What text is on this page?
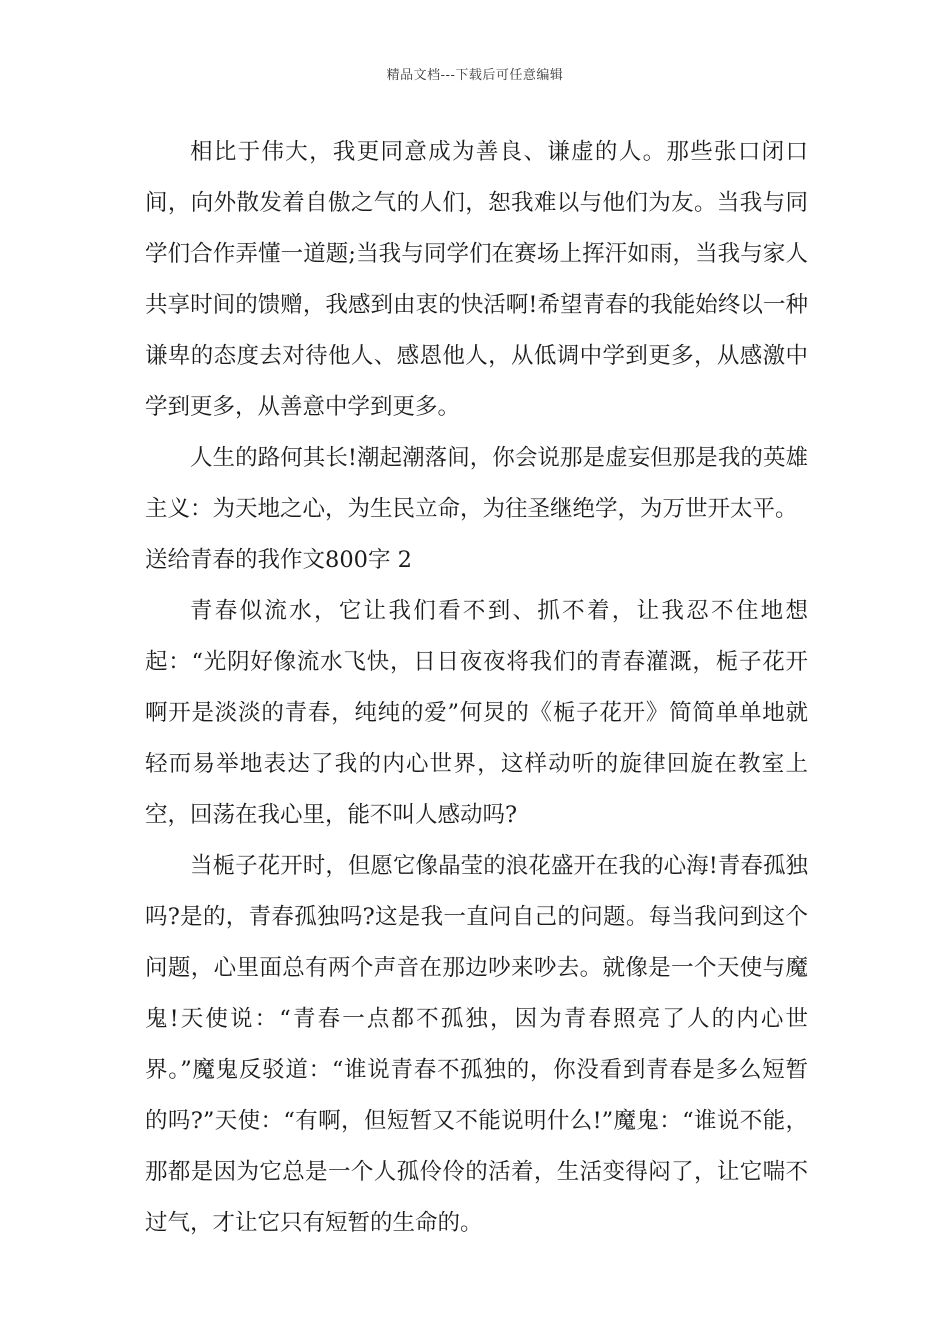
精品文档---下载后可任意编辑

相比于伟大，我更同意成为善良、谦虚的人。那些张口闭口间，向外散发着自傲之气的人们，恕我难以与他们为友。当我与同学们合作弄懂一道题;当我与同学们在赛场上挥汗如雨，当我与家人共享时间的馈赠，我感到由衷的快活啊!希望青春的我能始终以一种谦卑的态度去对待他人、感恩他人，从低调中学到更多，从感激中学到更多，从善意中学到更多。

人生的路何其长!潮起潮落间，你会说那是虚妄但那是我的英雄主义：为天地之心，为生民立命，为往圣继绝学，为万世开太平。

送给青春的我作文800字 2

青春似流水，它让我们看不到、抓不着，让我忍不住地想起：“光阴好像流水飞快，日日夜夜将我们的青春灌溉，栀子花开啊开是淡淡的青春，纯纯的爱”何炅的《栀子花开》简简单单地就轻而易举地表达了我的内心世界，这样动听的旋律回旋在教室上空，回荡在我心里，能不叫人感动吗?

当栀子花开时，但愿它像晶莹的浪花盛开在我的心海!青春孤独吗?是的，青春孤独吗?这是我一直问自己的问题。每当我问到这个问题，心里面总有两个声音在那边吵来吵去。就像是一个天使与魔鬼!天使说：“青春一点都不孤独，因为青春照亮了人的内心世界。”魔鬼反驳道：“谁说青春不孤独的，你没看到青春是多么短暂的吗?”天使：“有啊，但短暂又不能说明什么!”魔鬼：“谁说不能，那都是因为它总是一个人孤伶伶的活着，生活变得闷了，让它喘不过气，才让它只有短暂的生命的。
